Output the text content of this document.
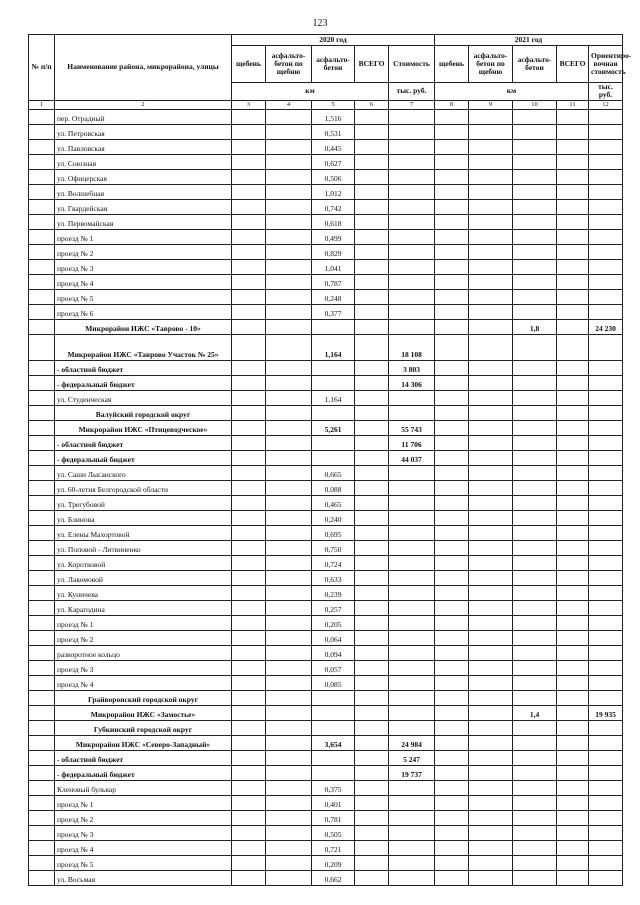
123
№ п/п	Наименование района, микрорайона, улицы	2020 год					2021 год				
		щебень	асфальто-бетон по щебню	асфальто-бетон	ВСЕГО	Стоимость	щебень	асфальто-бетон по щебню	асфальто-бетон	ВСЕГО	Ориентиро-вочная стоимость
		км				тыс. руб.	км				тыс. руб.
1	2	3	4	5	6	7	8	9	10	11	12
	пер. Отрадный			1,516							
	ул. Петровская			0,531							
	ул. Павловская			0,445							
	ул. Союзная			0,627							
	ул. Офицерская			0,506							
	ул. Волшебная			1,012							
	ул. Гвардейская			0,742							
	ул. Первомайская			0,618							
	проезд № 1			0,499							
	проезд № 2			0,829							
	проезд № 3			1,041							
	проезд № 4			0,787							
	проезд № 5			0,248							
	проезд № 6			0,377							
	Микрорайон ИЖС «Таврово - 10»								1,8		24 230
	Микрорайон ИЖС «Таврово Учаcток № 25»			1,164		18 108					
	- областной бюджет					3 803					
	- федеральный бюджет					14 306					
	ул. Студенческая			1,164							
	Валуйский городской округ										
	Микрорайон ИЖС «Птицеводческое»			5,261		55 743					
	- областной бюджет					11 706					
	- федеральный бюджет					44 037					
	ул. Саши Лысанского			0,665							
	ул. 60-летия Белгородской области			0,088							
	ул. Трегубовой			0,465							
	ул. Блинова			0,240							
	ул. Елены Махортовой			0,695							
	ул. Поповой - Литвиненко			0,750							
	ул. Коротковой			0,724							
	ул. Лакомовой			0,633							
	ул. Куничева			0,239							
	ул. Карагодина			0,257							
	проезд № 1			0,205							
	проезд № 2			0,064							
	разворотное кольцо			0,094							
	проезд № 3			0,057							
	проезд № 4			0,085							
	Грайворонский городской округ										
	Микрорайон ИЖС «Замостье»								1,4		19 935
	Губкинский городской округ										
	Микрорайон ИЖС «Северо-Западный»			3,654		24 984					
	- областной бюджет					5 247					
	- федеральный бюджет					19 737					
	Кленовый бульвар			0,375							
	проезд № 1			0,401							
	проезд № 2			0,781							
	проезд № 3			0,505							
	проезд № 4			0,721							
	проезд № 5			0,209							
	ул. Восьмая			0,662							
